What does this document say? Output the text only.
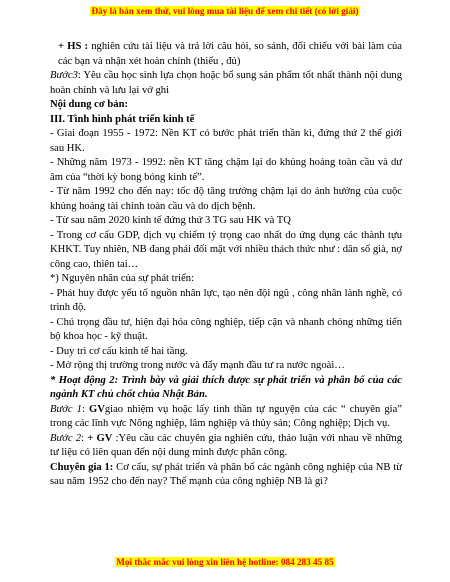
Đây là bản xem thử, vui lòng mua tài liệu để xem chi tiết (có lời giải)

+ HS : nghiên cứu tài liệu và trả lời câu hỏi, so sánh, đối chiếu với bài làm của các bạn và nhận xét hoàn chỉnh (thiếu , đủ)

Bước3: Yêu cầu học sinh lựa chọn hoặc bổ sung sản phẩm tốt nhất thành nội dung hoàn chỉnh và lưu lại vở ghi

Nội dung cơ bản:

III. Tình hình phát triển kinh tế

- Giai đoạn 1955 - 1972: Nền KT có bước phát triển thần kì, đứng thứ 2 thế giới sau HK.

- Những năm 1973 - 1992: nền KT tăng chậm lại do khủng hoảng toàn cầu và dư âm của “thời kỳ bong bóng kinh tế”.

- Từ năm 1992 cho đến nay: tốc độ tăng trưởng chậm lại do ảnh hưởng của cuộc khủng hoảng tài chính toàn cầu và do dịch bệnh.

- Từ sau năm 2020 kinh tế đứng thứ 3 TG sau HK và TQ

- Trong cơ cấu GDP, dịch vụ chiếm tỷ trọng cao nhất do ứng dụng các thành tựu KHKT. Tuy nhiên, NB đang phải đối mặt với nhiều thách thức như : dân số già, nợ công cao, thiên tai…

*) Nguyên nhân của sự phát triển:

- Phát huy được yếu tố nguồn nhân lực, tạo nên đội ngũ , công nhân lành nghề, có trình độ.

- Chú trọng đầu tư, hiện đại hóa công nghiệp, tiếp cận và nhanh chóng những tiến bộ khoa học - kỹ thuật.

- Duy trì cơ cấu kinh tế hai tầng.

- Mở rộng thị trường trong nước và đẩy mạnh đầu tư ra nước ngoài…

* Hoạt động 2: Trình bày và giải thích được sự phát triển và phân bố của các ngành KT chủ chốt chủa Nhật Bản.

Bước 1: GVgiao nhiệm vụ hoặc lấy tinh thần tự nguyện của các “ chuyên gia” trong các lĩnh vực Nông nghiệp, lâm nghiệp và thủy sản; Công nghiệp; Dịch vụ.

Bước 2: + GV :Yêu cầu các chuyên gia nghiên cứu, thảo luận với nhau về những tư liệu có liên quan đến nội dung mình được phân công.

Chuyên gia 1: Cơ cấu, sự phát triển và phân bố các ngành công nghiệp của NB từ sau năm 1952 cho đến nay? Thế mạnh của công nghiệp NB là gì?

Mọi thắc mắc vui lòng xin liên hệ hotline: 084 283 45 85
